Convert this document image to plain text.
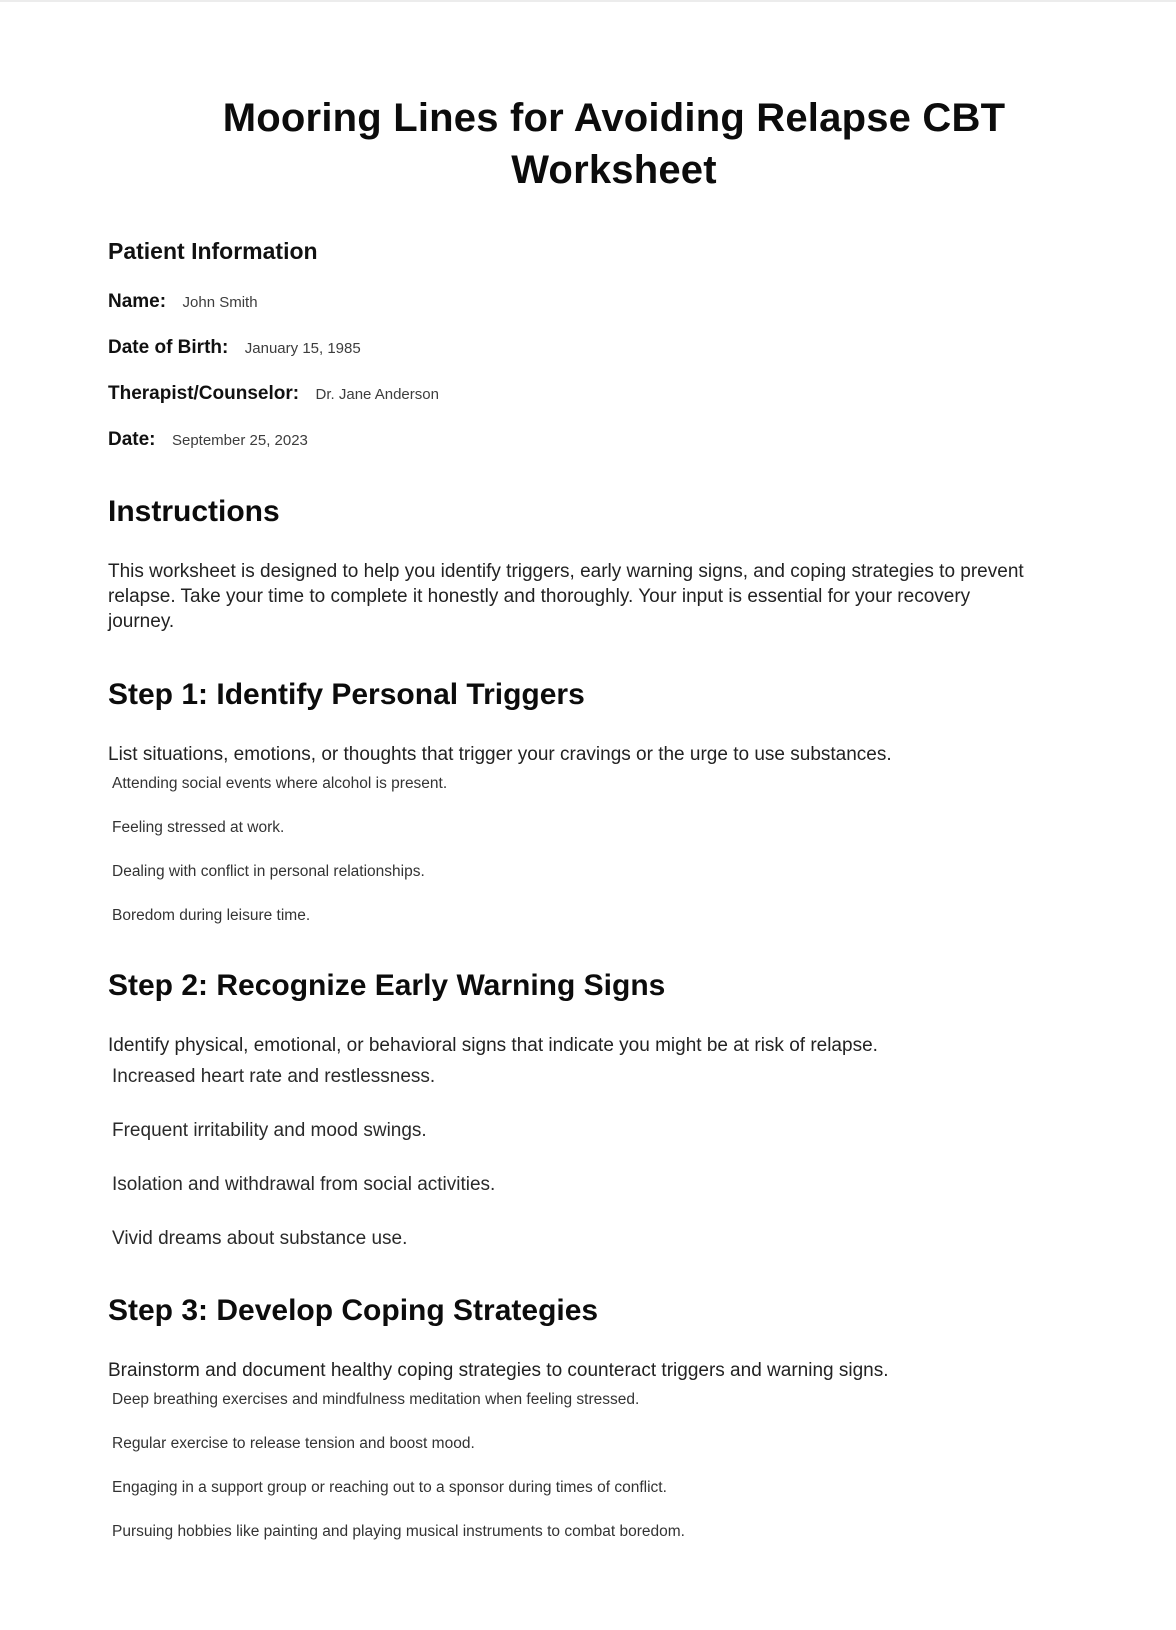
Mooring Lines for Avoiding Relapse CBT Worksheet
Patient Information
Name: John Smith
Date of Birth: January 15, 1985
Therapist/Counselor: Dr. Jane Anderson
Date: September 25, 2023
Instructions

This worksheet is designed to help you identify triggers, early warning signs, and coping strategies to prevent relapse. Take your time to complete it honestly and thoroughly. Your input is essential for your recovery journey.

Step 1: Identify Personal Triggers

List situations, emotions, or thoughts that trigger your cravings or the urge to use substances.

Attending social events where alcohol is present.

Feeling stressed at work.

Dealing with conflict in personal relationships.

Boredom during leisure time.

Step 2: Recognize Early Warning Signs

Identify physical, emotional, or behavioral signs that indicate you might be at risk of relapse.

Increased heart rate and restlessness.

Frequent irritability and mood swings.

Isolation and withdrawal from social activities.

Vivid dreams about substance use.

Step 3: Develop Coping Strategies

Brainstorm and document healthy coping strategies to counteract triggers and warning signs.

Deep breathing exercises and mindfulness meditation when feeling stressed.

Regular exercise to release tension and boost mood.

Engaging in a support group or reaching out to a sponsor during times of conflict.

Pursuing hobbies like painting and playing musical instruments to combat boredom.
